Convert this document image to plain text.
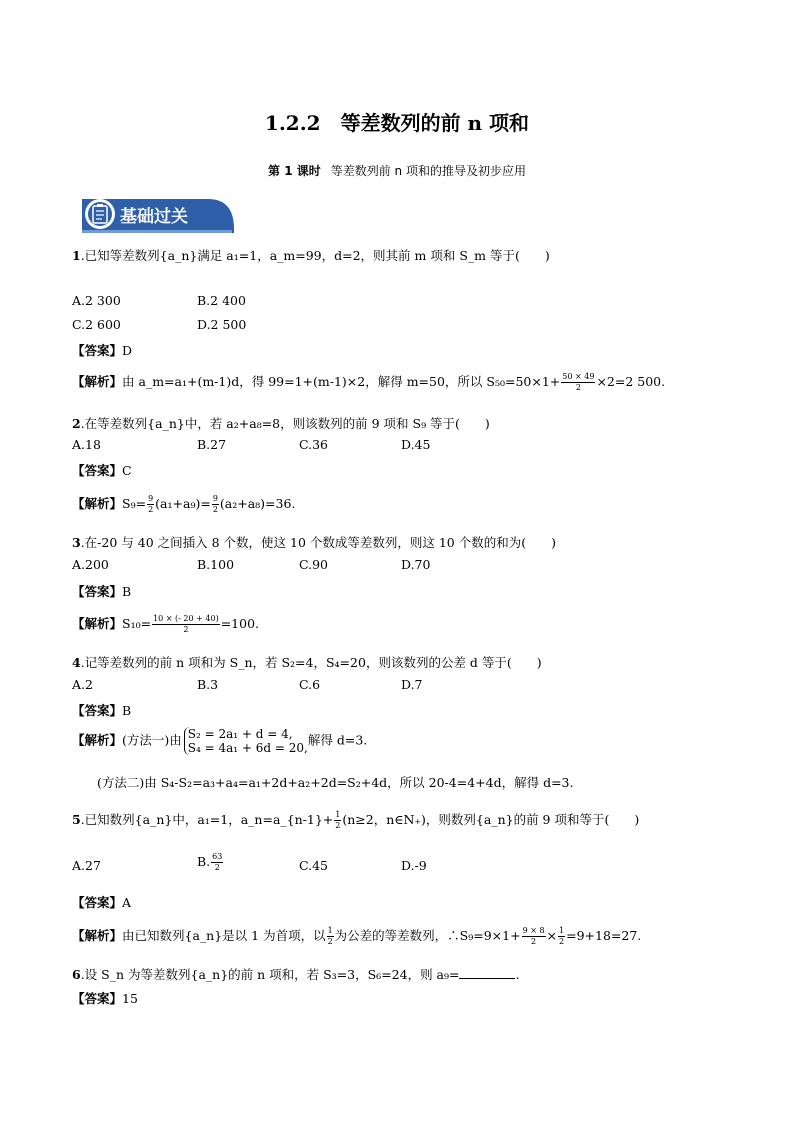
1.2.2　等差数列的前 n 项和
第 1 课时 等差数列前 n 项和的推导及初步应用
基础过关
1.已知等差数列{a_n}满足 a₁=1，a_m=99，d=2，则其前 m 项和 S_m 等于(　　)
A.2 300	B.2 400
C.2 600	D.2 500
【答案】D
【解析】由 a_m=a₁+(m-1)d，得 99=1+(m-1)×2，解得 m=50，所以 $S_{50}=50\times 1+ \frac{50 \times 49}{2} \times 2=2$ 500.
2.在等差数列{a_n}中，若 a₂+a₈=8，则该数列的前 9 项和 S₉ 等于(　　)
A.18	B.27	C.36	D.45
【答案】C
【解析】$S_9= \frac{9}{2} (a_1+a_9)= \frac{9}{2} (a_2+a_8)=36$.
3.在-20 与 40 之间插入 8 个数，使这 10 个数成等差数列，则这 10 个数的和为(　　)
A.200	B.100	C.90	D.70
【答案】B
【解析】$S_{10}= \frac{10 \times (- 20 + 40)}{2} =100$.
4.记等差数列的前 n 项和为 S_n，若 S₂=4，S₄=20，则该数列的公差 d 等于(　　)
A.2	B.3	C.6	D.7
【答案】B
【解析】(方法一)由 S₂ = 2a₁ + d = 4,
S₄ = 4a₁ + 6d = 20,
解得 d=3.
(方法二)由 S₄-S₂=a₃+a₄=a₁+2d+a₂+2d=S₂+4d，所以 20-4=4+4d，解得 d=3.
5.已知数列{a_n}中，a₁=1，a_n=a_{n-1}+ $\frac{1}{2} (n\ge 2$，n∈N₊)，则数列{a_n}的前 9 项和等于(　　)
A.27	B. $\frac{63}{2}$	C.45	D.-9
【答案】A
【解析】由已知数列{a_n}是以 1 为首项，以 $\frac{1}{2}$ 为公差的等差数列，∴S₉=9×1+ $\frac{9 \times 8}{2} \times \frac{1}{2} =9+18=27$.
6.设 S_n 为等差数列{a_n}的前 n 项和，若 S₃=3，S₆=24，则 a₉=	.
【答案】15
